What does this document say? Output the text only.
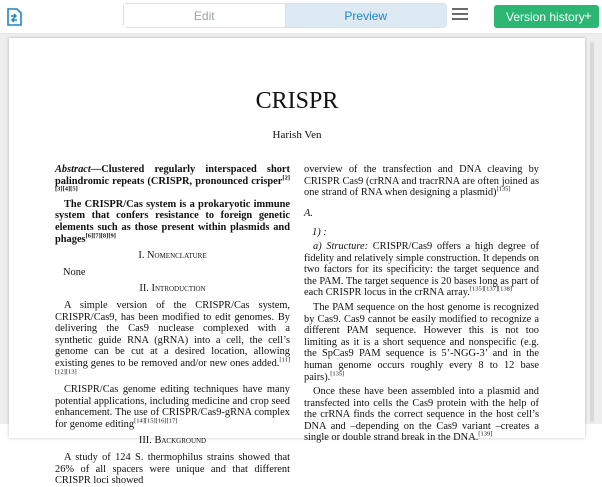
Edit	Preview	Version history +
CRISPR
Harish Ven
Abstract—Clustered regularly interspaced short palindromic repeats (CRISPR, pronounced crisper[2][3][4][5]
The CRISPR/Cas system is a prokaryotic immune system that confers resistance to foreign genetic elements such as those present within plasmids and phages[6][7][8][9]
I. Nomenclature
None
II. Introduction
A simple version of the CRISPR/Cas system, CRISPR/Cas9, has been modified to edit genomes. By delivering the Cas9 nuclease complexed with a synthetic guide RNA (gRNA) into a cell, the cell’s genome can be cut at a desired location, allowing existing genes to be removed and/or new ones added.[11][12][13]
CRISPR/Cas genome editing techniques have many potential applications, including medicine and crop seed enhancement. The use of CRISPR/Cas9-gRNA complex for genome editing[14][15][16][17]
III. Background
A study of 124 S. thermophilus strains showed that 26% of all spacers were unique and that different CRISPR loci showed
overview of the transfection and DNA cleaving by CRISPR Cas9 (crRNA and tracrRNA are often joined as one strand of RNA when designing a plasmid)[135]
A.
1) :
a) Structure: CRISPR/Cas9 offers a high degree of fidelity and relatively simple construction. It depends on two factors for its specificity: the target sequence and the PAM. The target sequence is 20 bases long as part of each CRISPR locus in the crRNA array.[135][137][138]
The PAM sequence on the host genome is recognized by Cas9. Cas9 cannot be easily modified to recognize a different PAM sequence. However this is not too limiting as it is a short sequence and nonspecific (e.g. the SpCas9 PAM sequence is 5’-NGG-3’ and in the human genome occurs roughly every 8 to 12 base pairs).[135]
Once these have been assembled into a plasmid and transfected into cells the Cas9 protein with the help of the crRNA finds the correct sequence in the host cell’s DNA and –depending on the Cas9 variant –creates a single or double strand break in the DNA.[139]
